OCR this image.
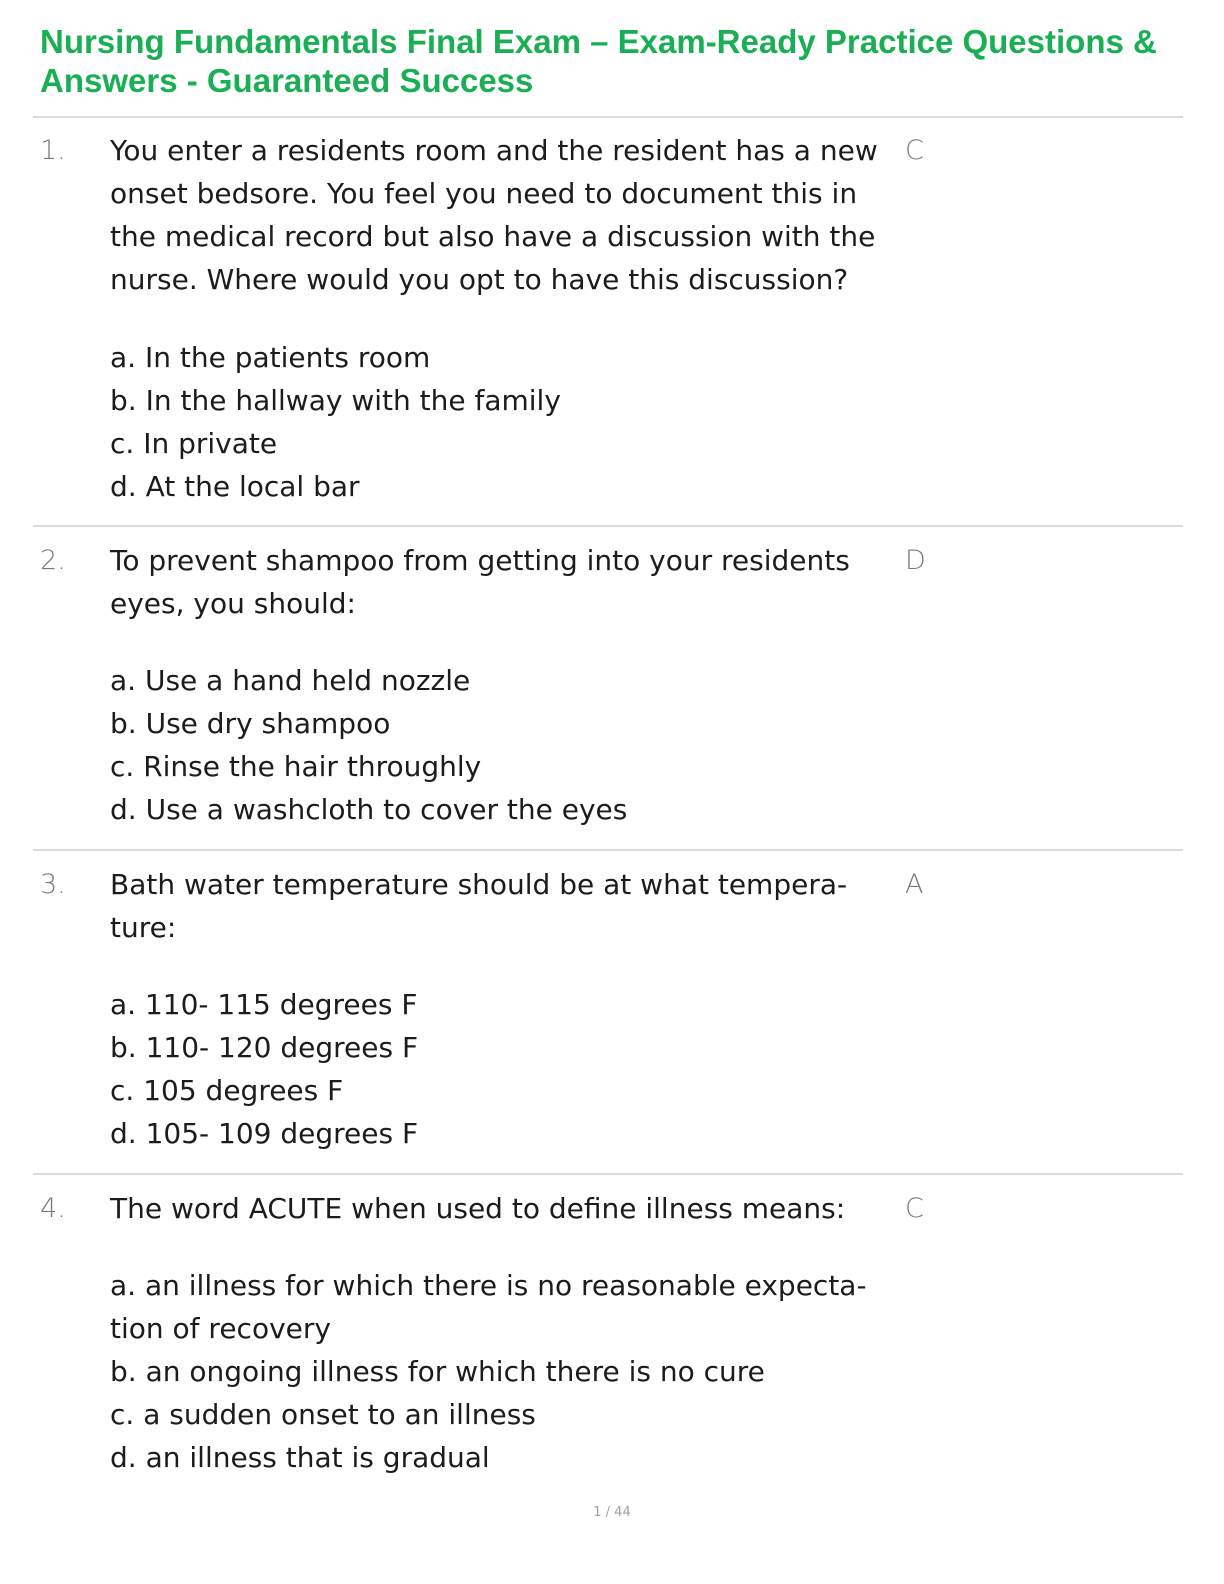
Nursing Fundamentals Final Exam – Exam-Ready Practice Questions & Answers - Guaranteed Success
1. You enter a residents room and the resident has a new
onset bedsore. You feel you need to document this in
the medical record but also have a discussion with the
nurse. Where would you opt to have this discussion?

C
a. In the patients room
b. In the hallway with the family
c. In private
d. At the local bar
2. To prevent shampoo from getting into your residents
eyes, you should:

D
a. Use a hand held nozzle
b. Use dry shampoo
c. Rinse the hair throughly
d. Use a washcloth to cover the eyes
3. Bath water temperature should be at what tempera-
ture:

A
a. 110- 115 degrees F
b. 110- 120 degrees F
c. 105 degrees F
d. 105- 109 degrees F
4. The word ACUTE when used to define illness means:	C
a. an illness for which there is no reasonable expecta-
tion of recovery
b. an ongoing illness for which there is no cure
c. a sudden onset to an illness
d. an illness that is gradual
1 / 44
